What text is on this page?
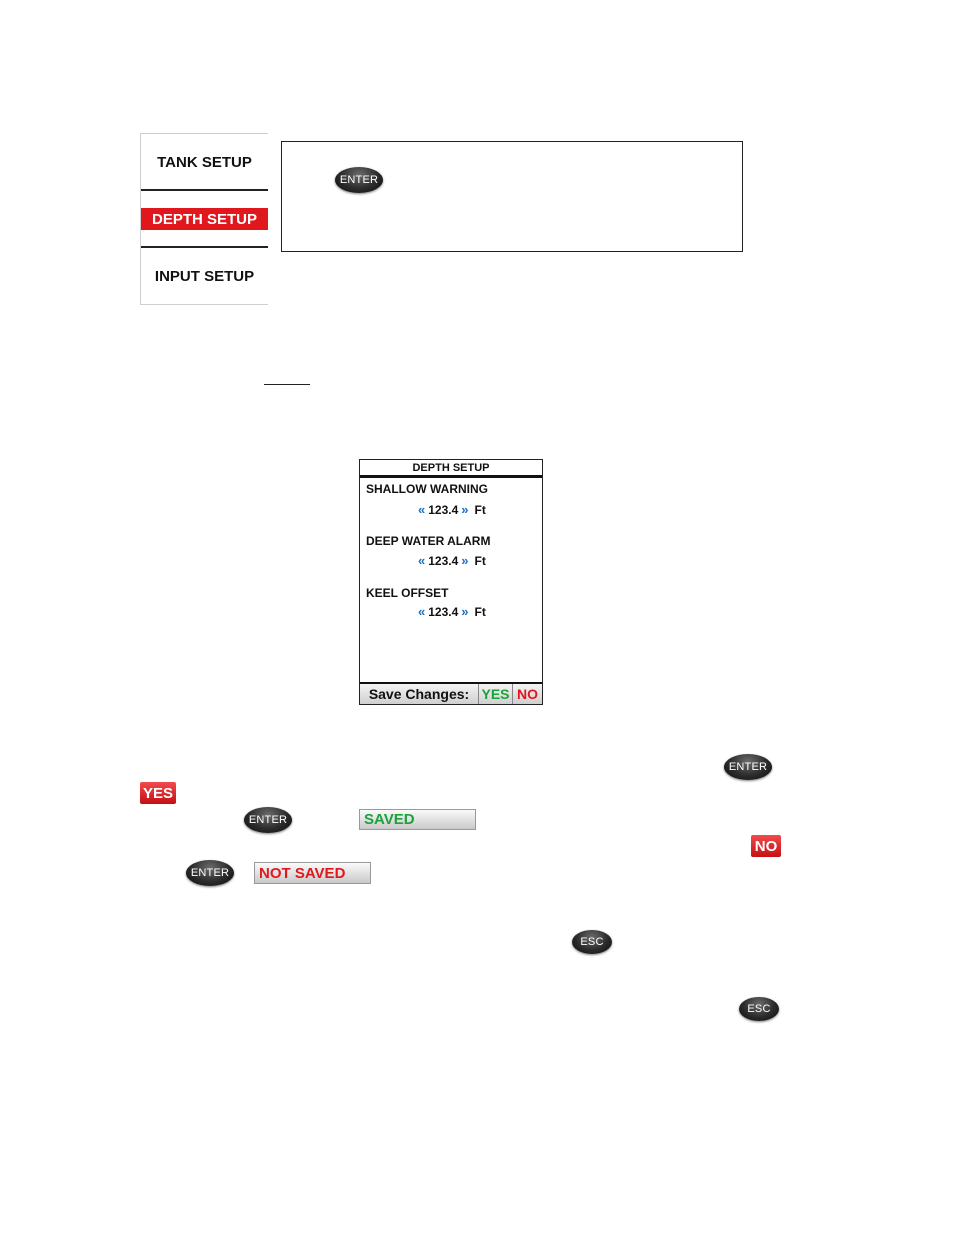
TANK SETUP
DEPTH SETUP
INPUT SETUP
ENTER
DEPTH SETUP
SHALLOW WARNING
« 123.4 » Ft
DEEP WATER ALARM
« 123.4 » Ft
KEEL OFFSET
« 123.4 » Ft
Save Changes: YES NO
ENTER
YES
ENTER	SAVED
NO
ENTER	NOT SAVED
ESC
ESC
